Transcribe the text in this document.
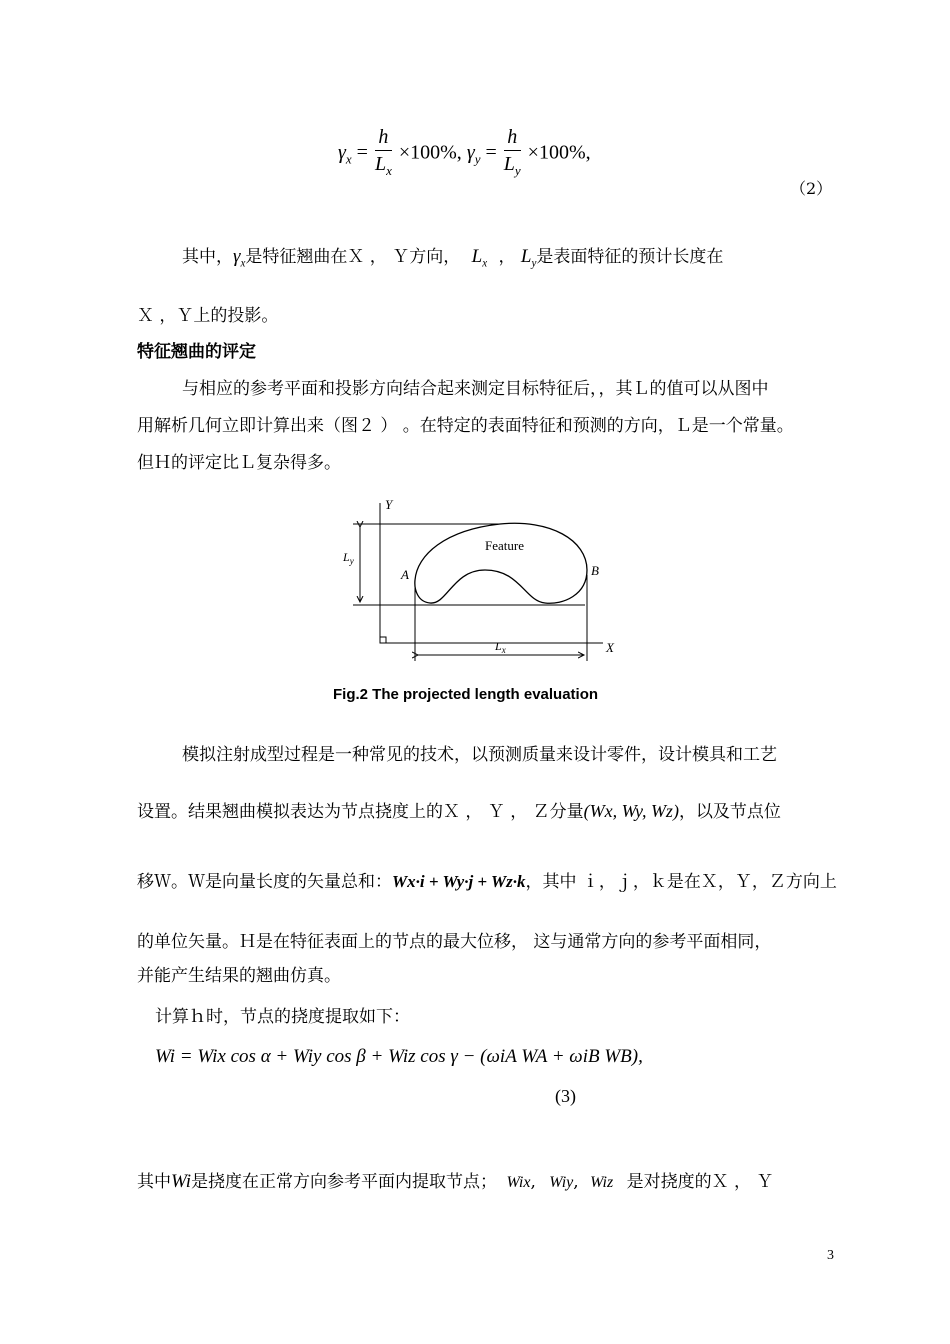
$\gamma_x = \frac{h}{L_x} \times 100\%$, $\gamma_y = \frac{h}{L_y} \times 100\%$,
（2）
其中，$\gamma_x$是特征翘曲在Ｘ ， Ｙ方向， $L_x$ ， $L_y$是表面特征的预计长度在
Ｘ ，Ｙ上的投影。
特征翘曲的评定
与相应的参考平面和投影方向结合起来测定目标特征后，，其Ｌ的值可以从图中
用解析几何立即计算出来（图２ ） 。在特定的表面特征和预测的方向，Ｌ是一个常量。
但Ｈ的评定比Ｌ复杂得多。
Y
X
$L_y$
Feature
A	B
$L_x$
Fig.2 The projected length evaluation
模拟注射成型过程是一种常见的技术，以预测质量来设计零件，设计模具和工艺
设置。结果翘曲模拟表达为节点挠度上的Ｘ ， Ｙ ， Ｚ分量(Wx, Wy, Wz)，以及节点位
移Ｗ。Ｗ是向量长度的矢量总和：Wx·i + Wy·j + Wz·k，其中 ｉ，ｊ，ｋ是在Ｘ，Ｙ，Ｚ方向上
的单位矢量。Ｈ是在特征表面上的节点的最大位移， 这与通常方向的参考平面相同，
并能产生结果的翘曲仿真。
计算ｈ时，节点的挠度提取如下：
Wi = Wix cos α + Wiy cos β + Wiz cos γ − (ωiA WA + ωiB WB),
(3)
其中Wi是挠度在正常方向参考平面内提取节点； Wix, Wiy, Wiz 是对挠度的Ｘ ， Ｙ
3
